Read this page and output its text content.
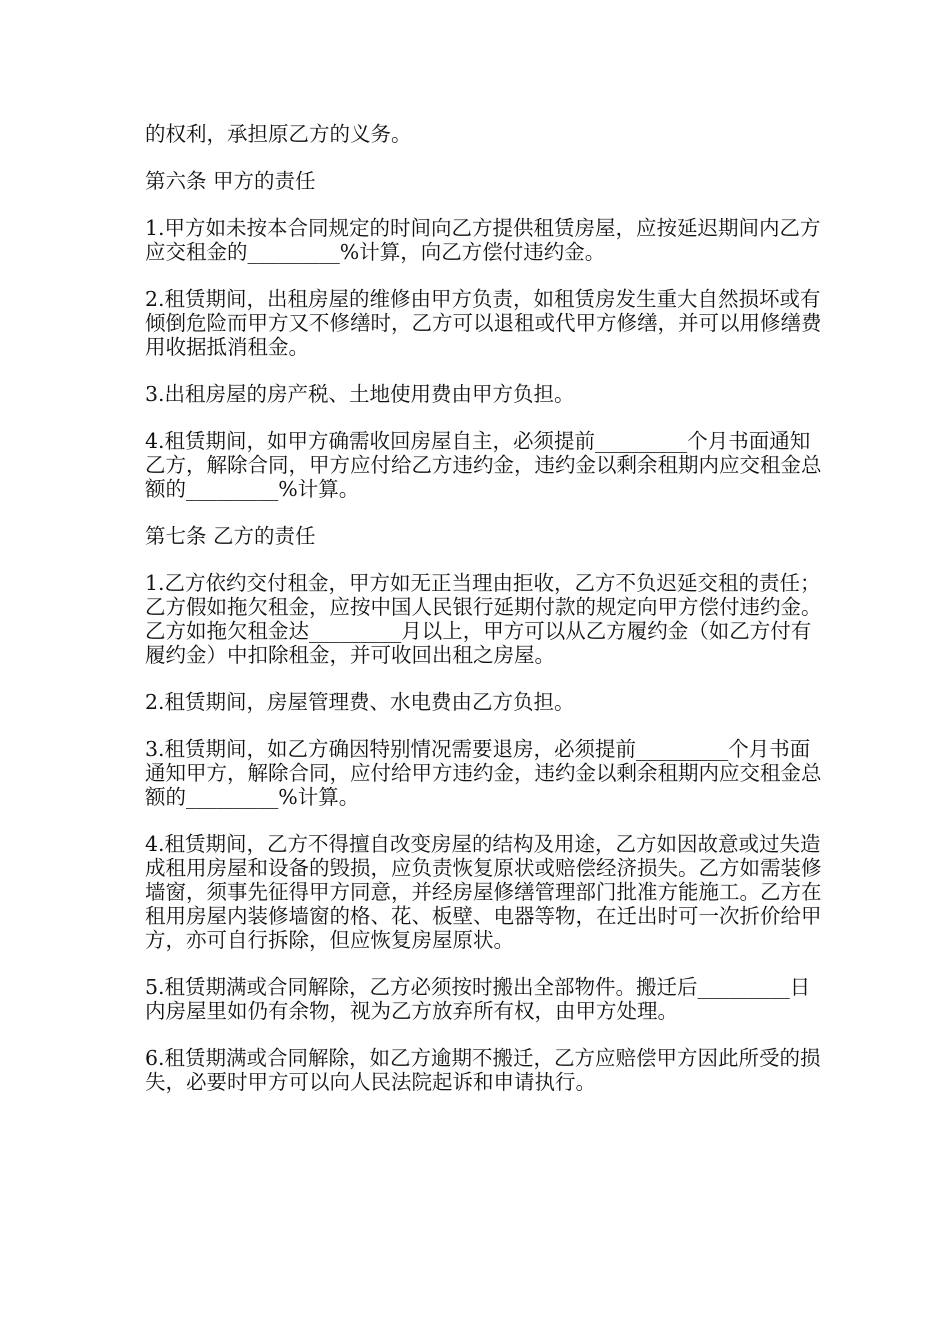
的权利，承担原乙方的义务。

第六条 甲方的责任

1.甲方如未按本合同规定的时间向乙方提供租赁房屋，应按延迟期间内乙方应交租金的_________%计算，向乙方偿付违约金。

2.租赁期间，出租房屋的维修由甲方负责，如租赁房发生重大自然损坏或有倾倒危险而甲方又不修缮时，乙方可以退租或代甲方修缮，并可以用修缮费用收据抵消租金。

3.出租房屋的房产税、土地使用费由甲方负担。

4.租赁期间，如甲方确需收回房屋自主，必须提前_________个月书面通知乙方，解除合同，甲方应付给乙方违约金，违约金以剩余租期内应交租金总额的_________%计算。

第七条 乙方的责任

1.乙方依约交付租金，甲方如无正当理由拒收，乙方不负迟延交租的责任；乙方假如拖欠租金，应按中国人民银行延期付款的规定向甲方偿付违约金。乙方如拖欠租金达_________月以上，甲方可以从乙方履约金（如乙方付有履约金）中扣除租金，并可收回出租之房屋。

2.租赁期间，房屋管理费、水电费由乙方负担。

3.租赁期间，如乙方确因特别情况需要退房，必须提前_________个月书面通知甲方，解除合同，应付给甲方违约金，违约金以剩余租期内应交租金总额的_________%计算。

4.租赁期间，乙方不得擅自改变房屋的结构及用途，乙方如因故意或过失造成租用房屋和设备的毁损，应负责恢复原状或赔偿经济损失。乙方如需装修墙窗，须事先征得甲方同意，并经房屋修缮管理部门批准方能施工。乙方在租用房屋内装修墙窗的格、花、板壁、电器等物，在迁出时可一次折价给甲方，亦可自行拆除，但应恢复房屋原状。

5.租赁期满或合同解除，乙方必须按时搬出全部物件。搬迁后_________日内房屋里如仍有余物，视为乙方放弃所有权，由甲方处理。

6.租赁期满或合同解除，如乙方逾期不搬迁，乙方应赔偿甲方因此所受的损失，必要时甲方可以向人民法院起诉和申请执行。
